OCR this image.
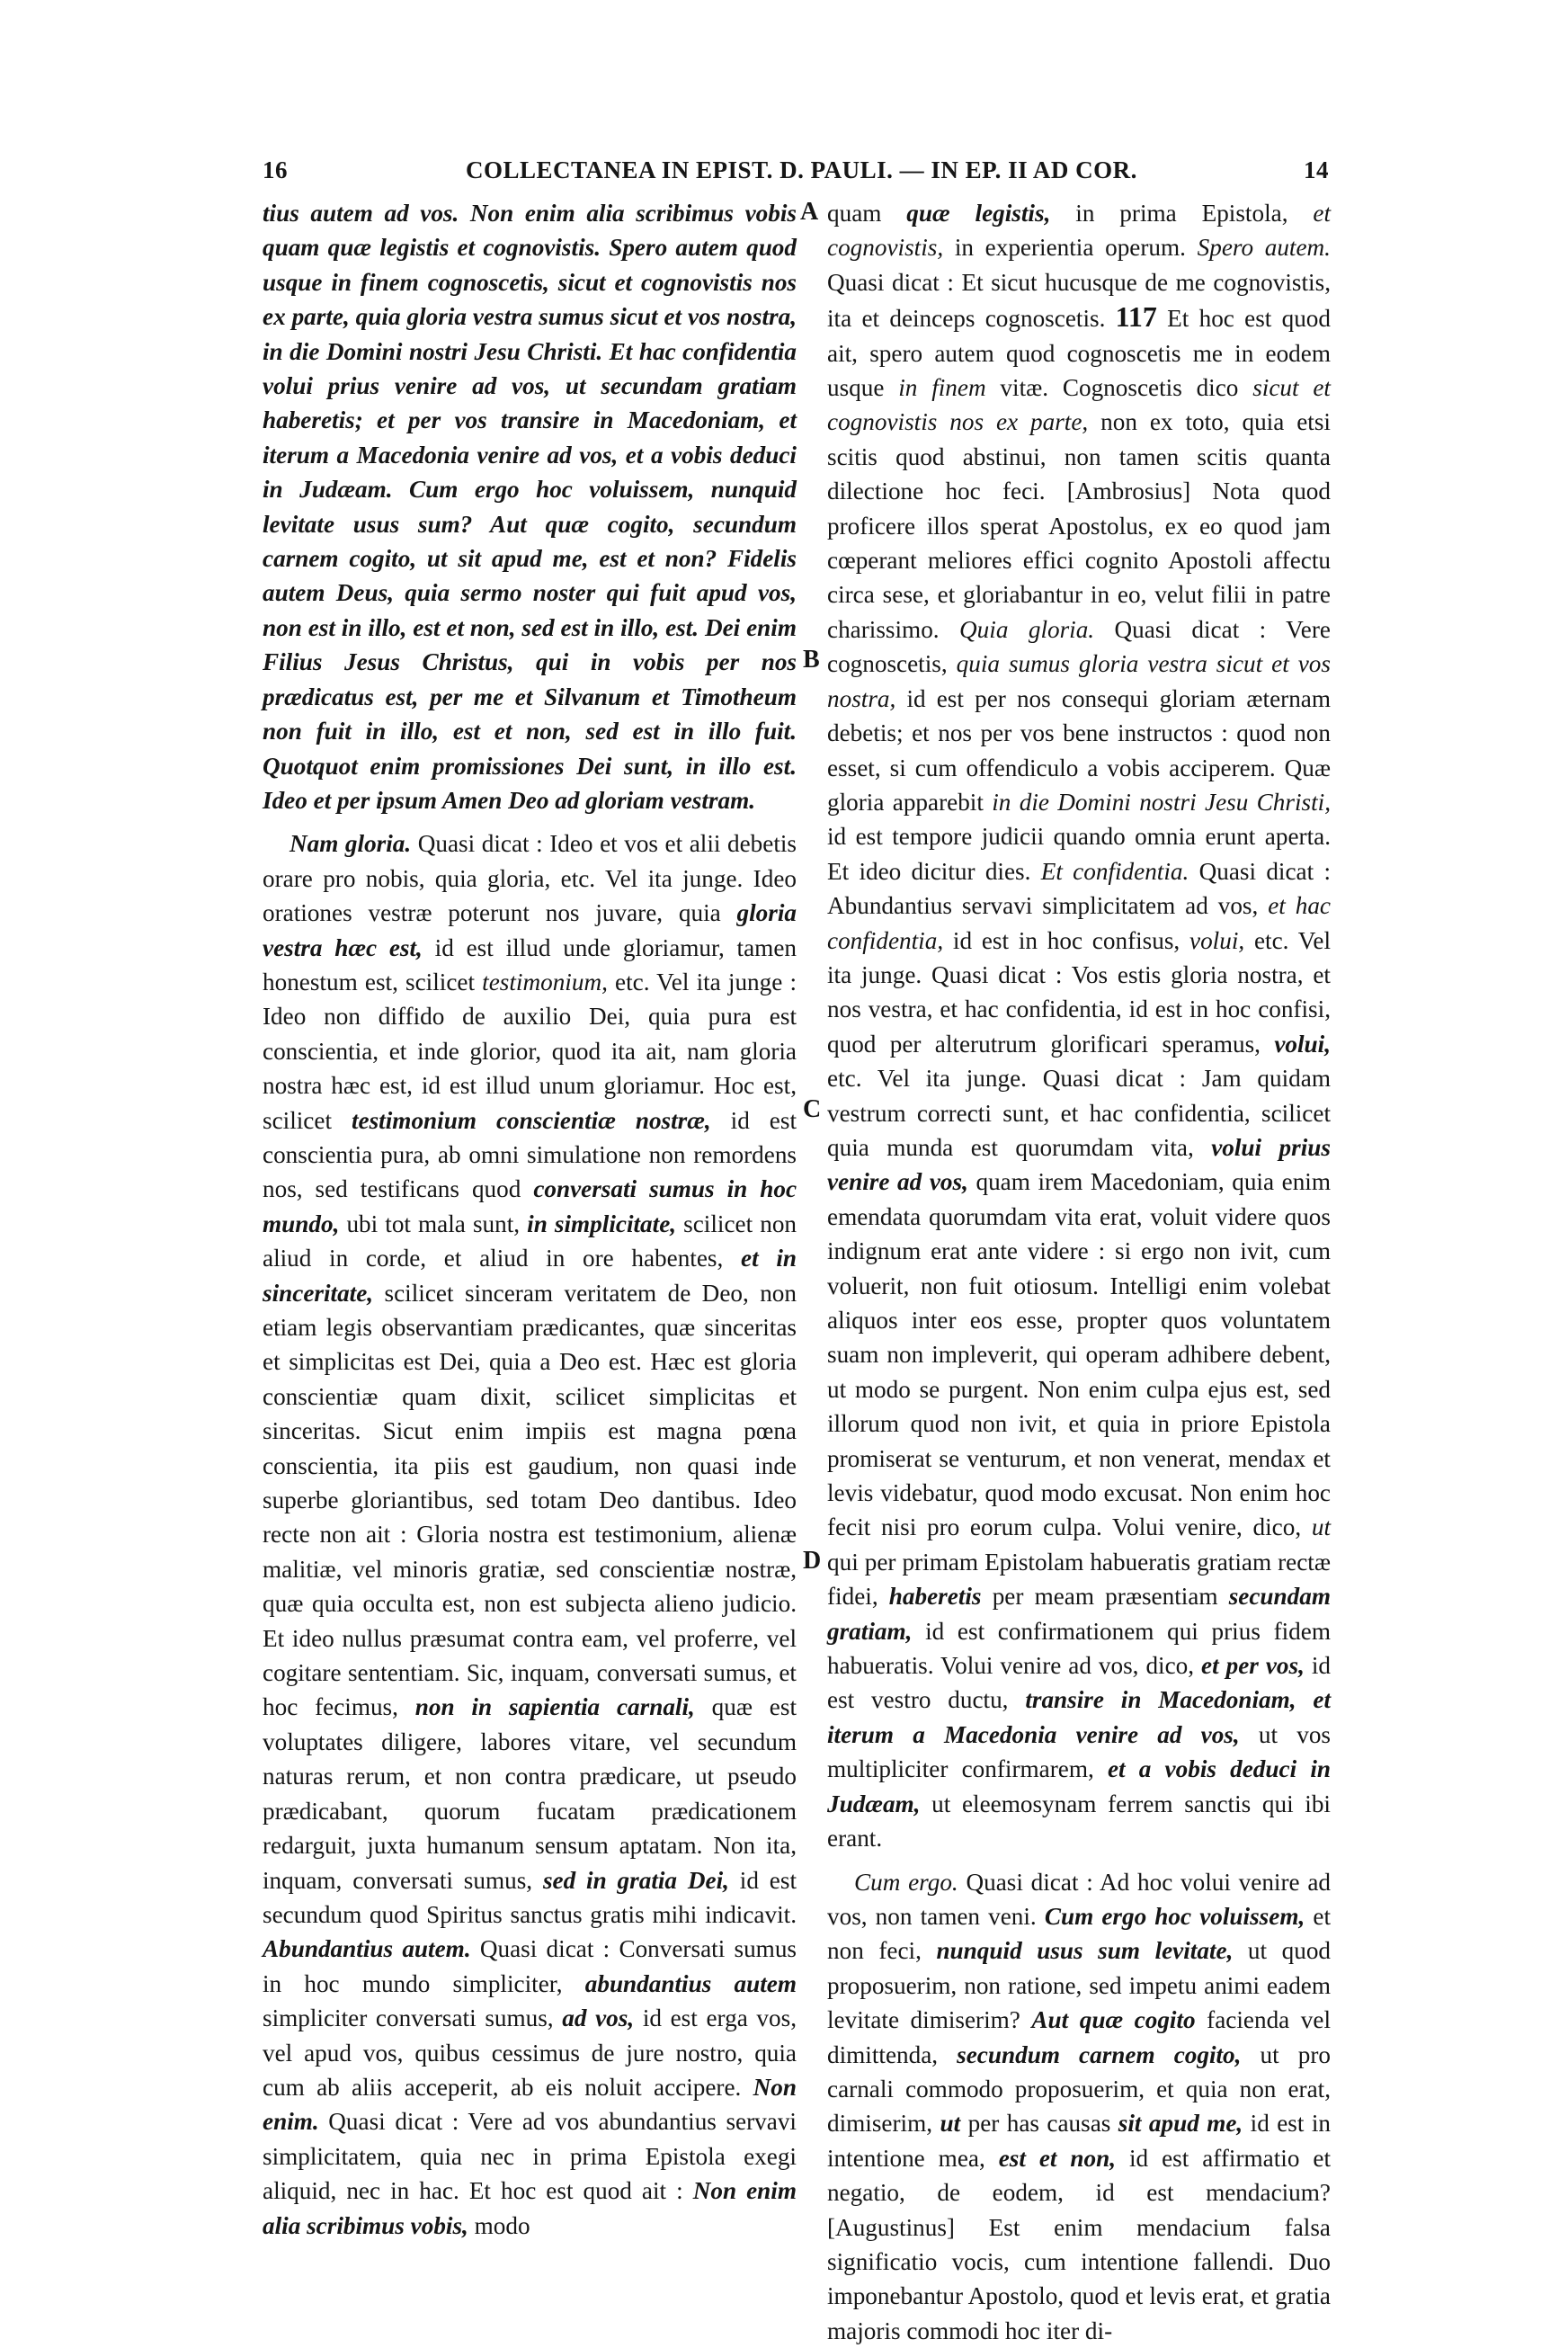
16	COLLECTANEA IN EPIST. D. PAULI. — IN EP. II AD COR.	14
A
B
C
D

tius autem ad vos. Non enim alia scribimus vobis quam quæ legistis et cognovistis. Spero autem quod usque in finem cognoscetis, sicut et cognovistis nos ex parte, quia gloria vestra sumus sicut et vos nostra, in die Domini nostri Jesu Christi. Et hac confidentia volui prius venire ad vos, ut secundam gratiam haberetis; et per vos transire in Macedoniam, et iterum a Macedonia venire ad vos, et a vobis deduci in Judæam. Cum ergo hoc voluissem, nunquid levitate usus sum? Aut quæ cogito, secundum carnem cogito, ut sit apud me, est et non? Fidelis autem Deus, quia sermo noster qui fuit apud vos, non est in illo, est et non, sed est in illo, est. Dei enim Filius Jesus Christus, qui in vobis per nos prædicatus est, per me et Silvanum et Timotheum non fuit in illo, est et non, sed est in illo fuit. Quotquot enim promissiones Dei sunt, in illo est. Ideo et per ipsum Amen Deo ad gloriam vestram.

Nam gloria. Quasi dicat : Ideo et vos et alii debetis orare pro nobis, quia gloria, etc. Vel ita junge. Ideo orationes vestræ poterunt nos juvare, quia gloria vestra hæc est, id est illud unde gloriamur, tamen honestum est, scilicet testimonium, etc. Vel ita junge : Ideo non diffido de auxilio Dei, quia pura est conscientia, et inde glorior, quod ita ait, nam gloria nostra hæc est, id est illud unum gloriamur. Hoc est, scilicet testimonium conscientiæ nostræ, id est conscientia pura, ab omni simulatione non remordens nos, sed testificans quod conversati sumus in hoc mundo, ubi tot mala sunt, in simplicitate, scilicet non aliud in corde, et aliud in ore habentes, et in sinceritate, scilicet sinceram veritatem de Deo, non etiam legis observantiam prædicantes, quæ sinceritas et simplicitas est Dei, quia a Deo est. Hæc est gloria conscientiæ quam dixit, scilicet simplicitas et sinceritas. Sicut enim impiis est magna pœna conscientia, ita piis est gaudium, non quasi inde superbe gloriantibus, sed totam Deo dantibus. Ideo recte non ait : Gloria nostra est testimonium, alienæ malitiæ, vel minoris gratiæ, sed conscientiæ nostræ, quæ quia occulta est, non est subjecta alieno judicio. Et ideo nullus præsumat contra eam, vel proferre, vel cogitare sententiam. Sic, inquam, conversati sumus, et hoc fecimus, non in sapientia carnali, quæ est voluptates diligere, labores vitare, vel secundum naturas rerum, et non contra prædicare, ut pseudo prædicabant, quorum fucatam prædicationem redarguit, juxta humanum sensum aptatam. Non ita, inquam, conversati sumus, sed in gratia Dei, id est secundum quod Spiritus sanctus gratis mihi indicavit. Abundantius autem. Quasi dicat : Conversati sumus in hoc mundo simpliciter, abundantius autem simpliciter conversati sumus, ad vos, id est erga vos, vel apud vos, quibus cessimus de jure nostro, quia cum ab aliis acceperit, ab eis noluit accipere. Non enim. Quasi dicat : Vere ad vos abundantius servavi simplicitatem, quia nec in prima Epistola exegi aliquid, nec in hac. Et hoc est quod ait : Non enim alia scribimus vobis, modo

quam quæ legistis, in prima Epistola, et cognovistis, in experientia operum. Spero autem. Quasi dicat : Et sicut hucusque de me cognovistis, ita et deinceps cognoscetis. 117 Et hoc est quod ait, spero autem quod cognoscetis me in eodem usque in finem vitæ. Cognoscetis dico sicut et cognovistis nos ex parte, non ex toto, quia etsi scitis quod abstinui, non tamen scitis quanta dilectione hoc feci. [Ambrosius] Nota quod proficere illos sperat Apostolus, ex eo quod jam cœperant meliores effici cognito Apostoli affectu circa sese, et gloriabantur in eo, velut filii in patre charissimo. Quia gloria. Quasi dicat : Vere cognoscetis, quia sumus gloria vestra sicut et vos nostra, id est per nos consequi gloriam æternam debetis; et nos per vos bene instructos : quod non esset, si cum offendiculo a vobis acciperem. Quæ gloria apparebit in die Domini nostri Jesu Christi, id est tempore judicii quando omnia erunt aperta. Et ideo dicitur dies. Et confidentia. Quasi dicat : Abundantius servavi simplicitatem ad vos, et hac confidentia, id est in hoc confisus, volui, etc. Vel ita junge. Quasi dicat : Vos estis gloria nostra, et nos vestra, et hac confidentia, id est in hoc confisi, quod per alterutrum glorificari speramus, volui, etc. Vel ita junge. Quasi dicat : Jam quidam vestrum correcti sunt, et hac confidentia, scilicet quia munda est quorumdam vita, volui prius venire ad vos, quam irem Macedoniam, quia enim emendata quorumdam vita erat, voluit videre quos indignum erat ante videre : si ergo non ivit, cum voluerit, non fuit otiosum. Intelligi enim volebat aliquos inter eos esse, propter quos voluntatem suam non impleverit, qui operam adhibere debent, ut modo se purgent. Non enim culpa ejus est, sed illorum quod non ivit, et quia in priore Epistola promiserat se venturum, et non venerat, mendax et levis videbatur, quod modo excusat. Non enim hoc fecit nisi pro eorum culpa. Volui venire, dico, ut qui per primam Epistolam habueratis gratiam rectæ fidei, haberetis per meam præsentiam secundam gratiam, id est confirmationem qui prius fidem habueratis. Volui venire ad vos, dico, et per vos, id est vestro ductu, transire in Macedoniam, et iterum a Macedonia venire ad vos, ut vos multipliciter confirmarem, et a vobis deduci in Judæam, ut eleemosynam ferrem sanctis qui ibi erant.

Cum ergo. Quasi dicat : Ad hoc volui venire ad vos, non tamen veni. Cum ergo hoc voluissem, et non feci, nunquid usus sum levitate, ut quod proposuerim, non ratione, sed impetu animi eadem levitate dimiserim? Aut quæ cogito facienda vel dimittenda, secundum carnem cogito, ut pro carnali commodo proposuerim, et quia non erat, dimiserim, ut per has causas sit apud me, id est in intentione mea, est et non, id est affirmatio et negatio, de eodem, id est mendacium? [Augustinus] Est enim mendacium falsa significatio vocis, cum intentione fallendi. Duo imponebantur Apostolo, quod et levis erat, et gratia majoris commodi hoc iter di-
